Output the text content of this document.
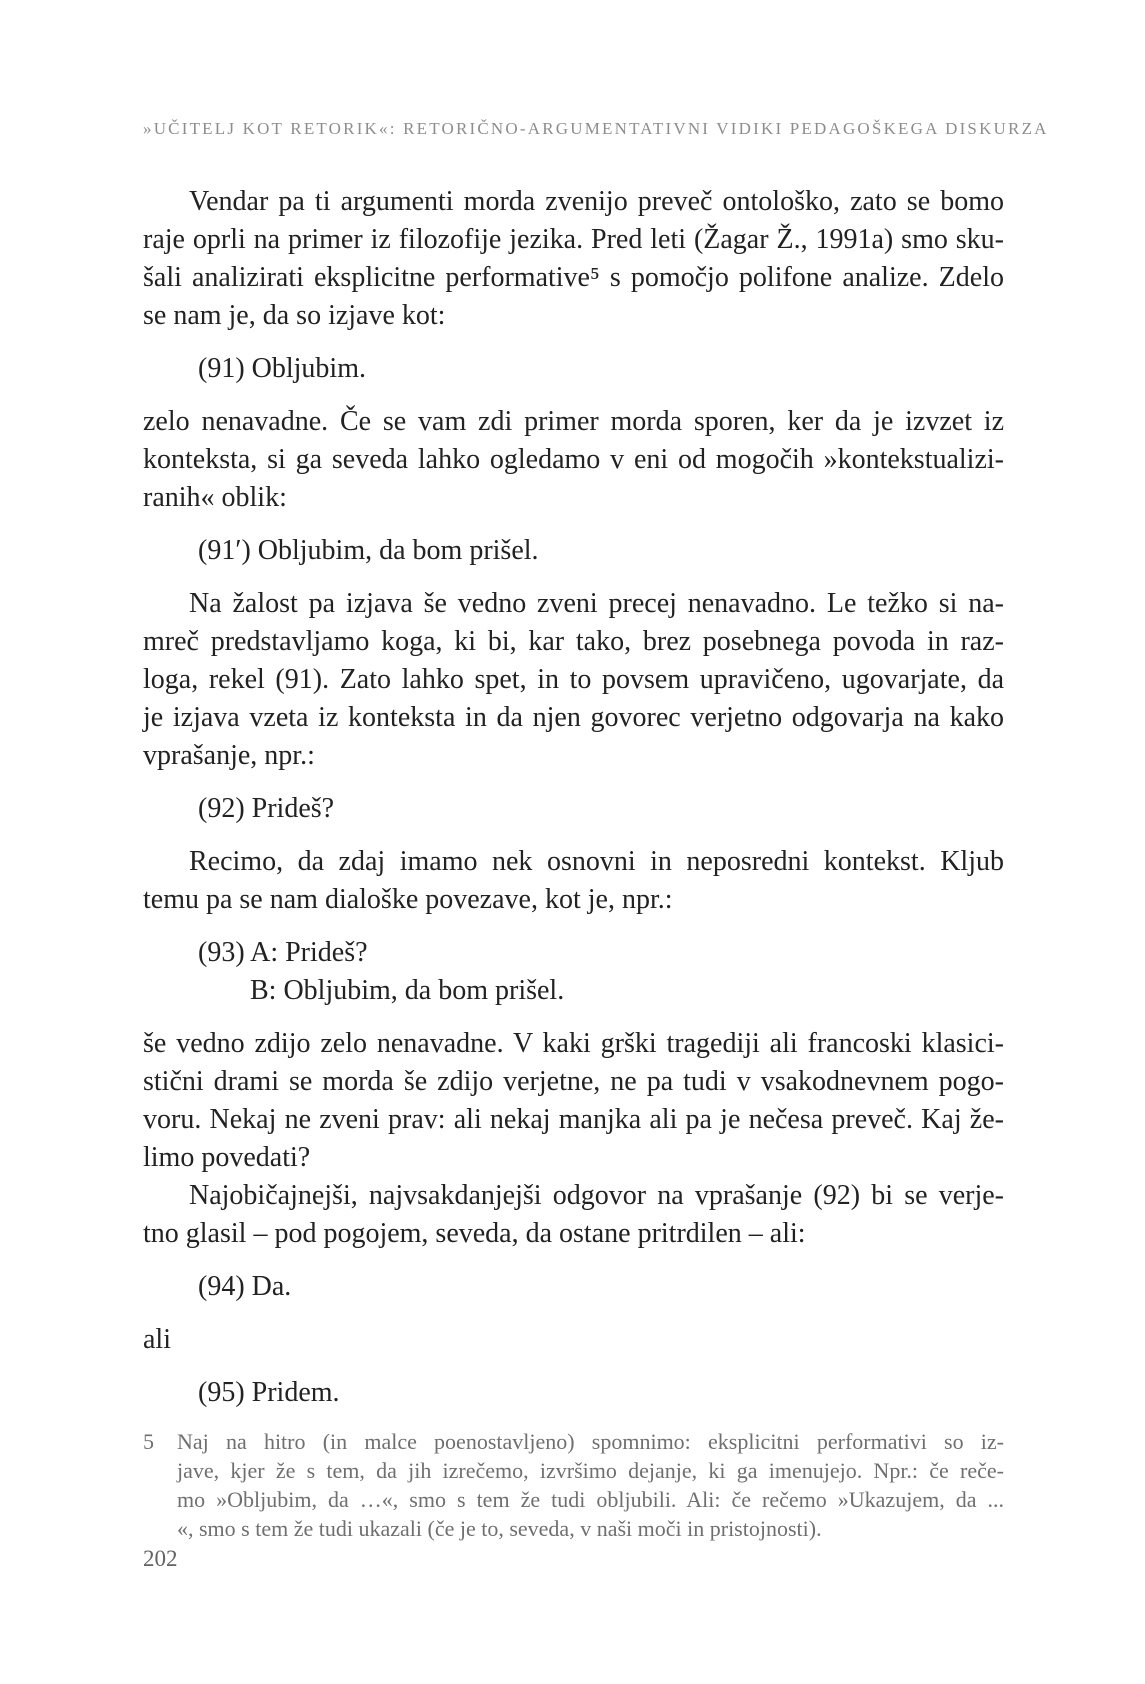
»UČITELJ KOT RETORIK«: RETORIČNO-ARGUMENTATIVNI VIDIKI PEDAGOŠKEGA DISKURZA

Vendar pa ti argumenti morda zvenijo preveč ontološko, zato se bomo
raje oprli na primer iz filozofije jezika. Pred leti (Žagar Ž., 1991a) smo sku-
šali analizirati eksplicitne performative⁵ s pomočjo polifone analize. Zdelo
se nam je, da so izjave kot:

(91) Obljubim.

zelo nenavadne. Če se vam zdi primer morda sporen, ker da je izvzet iz
konteksta, si ga seveda lahko ogledamo v eni od mogočih »kontekstualizi-
ranih« oblik:

(91′) Obljubim, da bom prišel.

Na žalost pa izjava še vedno zveni precej nenavadno. Le težko si na-
mreč predstavljamo koga, ki bi, kar tako, brez posebnega povoda in raz-
loga, rekel (91). Zato lahko spet, in to povsem upravičeno, ugovarjate, da
je izjava vzeta iz konteksta in da njen govorec verjetno odgovarja na kako
vprašanje, npr.:

(92) Prideš?

Recimo, da zdaj imamo nek osnovni in neposredni kontekst. Kljub
temu pa se nam dialoške povezave, kot je, npr.:

(93) A: Prideš?
B: Obljubim, da bom prišel.

še vedno zdijo zelo nenavadne. V kaki grški tragediji ali francoski klasici-
stični drami se morda še zdijo verjetne, ne pa tudi v vsakodnevnem pogo-
voru. Nekaj ne zveni prav: ali nekaj manjka ali pa je nečesa preveč. Kaj že-
limo povedati?

Najobičajnejši, najvsakdanjejši odgovor na vprašanje (92) bi se verje-
tno glasil – pod pogojem, seveda, da ostane pritrdilen – ali:

(94) Da.

ali

(95) Pridem.
5 Naj na hitro (in malce poenostavljeno) spomnimo: eksplicitni performativi so iz-
jave, kjer že s tem, da jih izrečemo, izvršimo dejanje, ki ga imenujejo. Npr.: če reče-
mo »Obljubim, da …«, smo s tem že tudi obljubili. Ali: če rečemo »Ukazujem, da ...
«, smo s tem že tudi ukazali (če je to, seveda, v naši moči in pristojnosti).
202
